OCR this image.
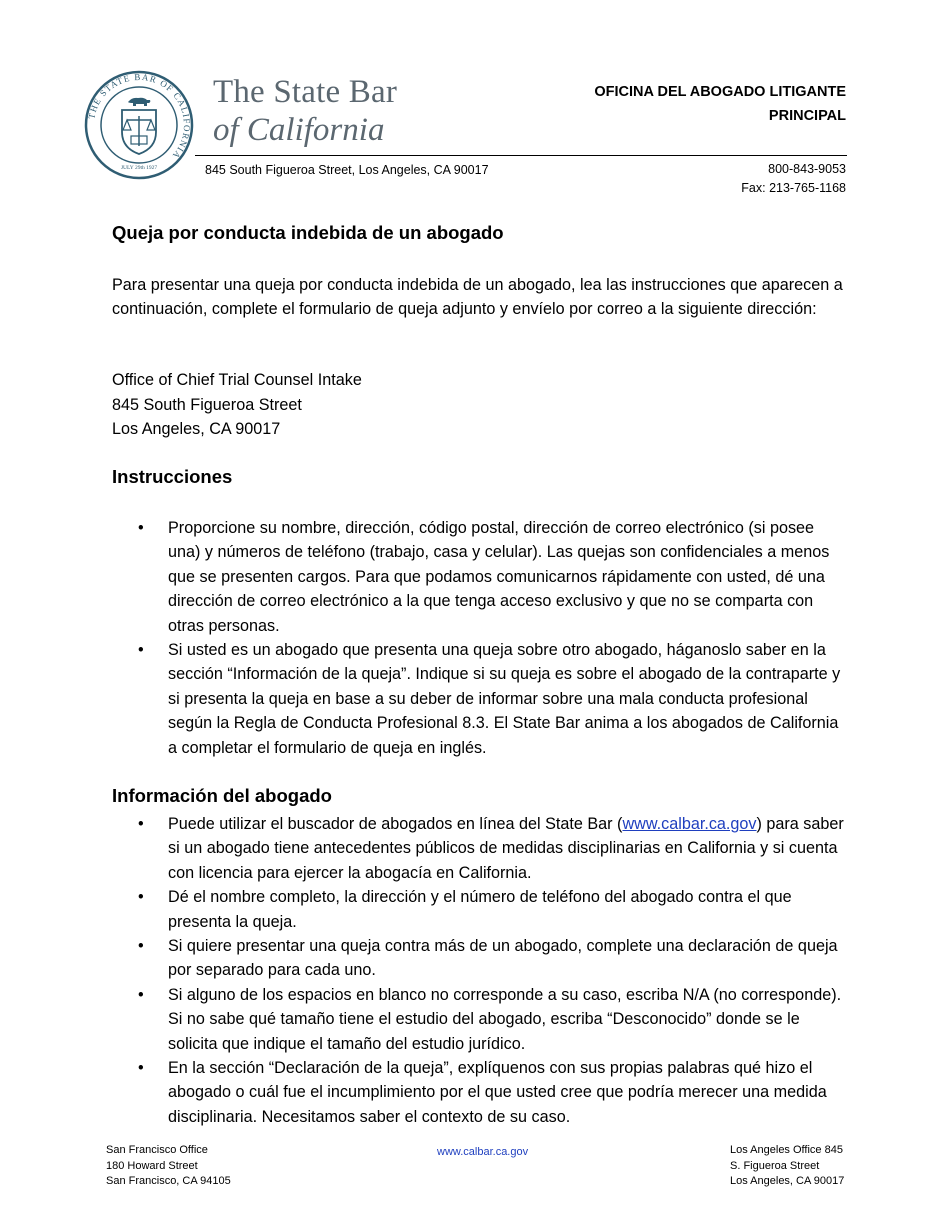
THE STATE BAR OF CALIFORNIA
JULY 29th 1927
The State Bar
of California
OFICINA DEL ABOGADO LITIGANTE
PRINCIPAL
845 South Figueroa Street, Los Angeles, CA 90017	800-843-9053
Fax: 213-765-1168
Queja por conducta indebida de un abogado
Para presentar una queja por conducta indebida de un abogado, lea las instrucciones que aparecen a continuación, complete el formulario de queja adjunto y envíelo por correo a la siguiente dirección:
Office of Chief Trial Counsel Intake
845 South Figueroa Street
Los Angeles, CA 90017
Instrucciones
• Proporcione su nombre, dirección, código postal, dirección de correo electrónico (si posee una) y números de teléfono (trabajo, casa y celular). Las quejas son confidenciales a menos que se presenten cargos. Para que podamos comunicarnos rápidamente con usted, dé una dirección de correo electrónico a la que tenga acceso exclusivo y que no se comparta con otras personas.
• Si usted es un abogado que presenta una queja sobre otro abogado, háganoslo saber en la sección “Información de la queja”. Indique si su queja es sobre el abogado de la contraparte y si presenta la queja en base a su deber de informar sobre una mala conducta profesional según la Regla de Conducta Profesional 8.3. El State Bar anima a los abogados de California a completar el formulario de queja en inglés.
Información del abogado
• Puede utilizar el buscador de abogados en línea del State Bar (www.calbar.ca.gov) para saber si un abogado tiene antecedentes públicos de medidas disciplinarias en California y si cuenta con licencia para ejercer la abogacía en California.
• Dé el nombre completo, la dirección y el número de teléfono del abogado contra el que presenta la queja.
• Si quiere presentar una queja contra más de un abogado, complete una declaración de queja por separado para cada uno.
• Si alguno de los espacios en blanco no corresponde a su caso, escriba N/A (no corresponde). Si no sabe qué tamaño tiene el estudio del abogado, escriba “Desconocido” donde se le solicita que indique el tamaño del estudio jurídico.
• En la sección “Declaración de la queja”, explíquenos con sus propias palabras qué hizo el abogado o cuál fue el incumplimiento por el que usted cree que podría merecer una medida disciplinaria. Necesitamos saber el contexto de su caso.
San Francisco Office
180 Howard Street
San Francisco, CA 94105
www.calbar.ca.gov	Los Angeles Office 845
S. Figueroa Street
Los Angeles, CA 90017
